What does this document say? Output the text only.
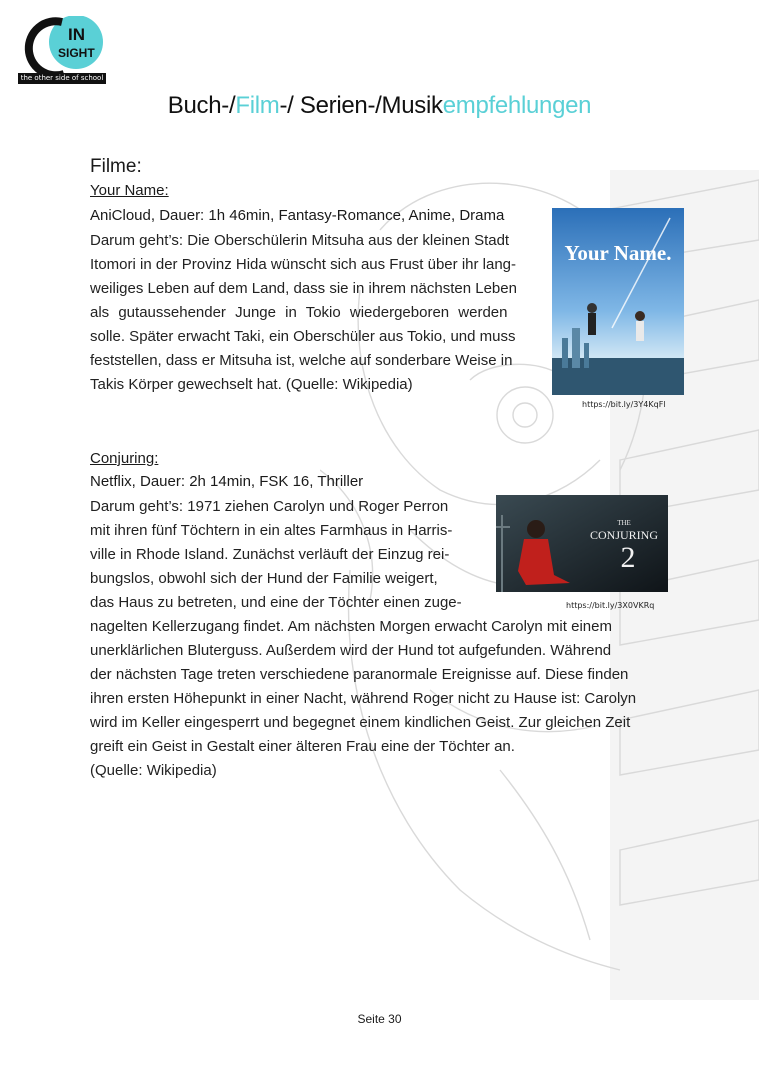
IN
SIGHT
the other side of school
Buch-/Film-/ Serien-/Musikempfehlungen
Filme:
Your Name:
AniCloud, Dauer: 1h 46min, Fantasy-Romance, Anime, Drama
Darum geht’s: Die Oberschülerin Mitsuha aus der kleinen Stadt
Itomori in der Provinz Hida wünscht sich aus Frust über ihr lang-
weiliges Leben auf dem Land, dass sie in ihrem nächsten Leben
als gutaussehender Junge in Tokio wiedergeboren werden
solle. Später erwacht Taki, ein Oberschüler aus Tokio, und muss
feststellen, dass er Mitsuha ist, welche auf sonderbare Weise in
Takis Körper gewechselt hat. (Quelle: Wikipedia)
Your Name.
https://bit.ly/3Y4KqFl
Conjuring:
Netflix, Dauer: 2h 14min, FSK 16, Thriller
Darum geht’s: 1971 ziehen Carolyn und Roger Perron
mit ihren fünf Töchtern in ein altes Farmhaus in Harris-
ville in Rhode Island. Zunächst verläuft der Einzug rei-
bungslos, obwohl sich der Hund der Familie weigert,
das Haus zu betreten, und eine der Töchter einen zuge-
nagelten Kellerzugang findet. Am nächsten Morgen erwacht Carolyn mit einem
unerklärlichen Bluterguss. Außerdem wird der Hund tot aufgefunden. Während
der nächsten Tage treten verschiedene paranormale Ereignisse auf. Diese finden
ihren ersten Höhepunkt in einer Nacht, während Roger nicht zu Hause ist: Carolyn
wird im Keller eingesperrt und begegnet einem kindlichen Geist. Zur gleichen Zeit
greift ein Geist in Gestalt einer älteren Frau eine der Töchter an.
(Quelle: Wikipedia)
THE
CONJURING
2
https://bit.ly/3X0VKRq
Seite 30
